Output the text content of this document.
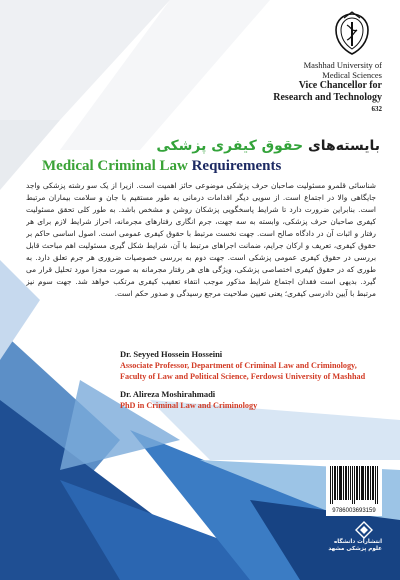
Mashhad University of
Medical Sciences
Vice Chancellor for
Research and Technology
632
بایسته‌های حقوق کیفری پزشکی
Medical Criminal Law Requirements
شناسائی قلمرو مسئولیت صاحبان حرف پزشکی موضوعی حائز اهمیت است. ازیرا از یک سو رشته پزشکی واجد جایگاهی والا در اجتماع است. از سویی دیگر اقدامات درمانی به طور مستقیم با جان و سلامت بیماران مرتبط است. بنابراین ضرورت دارد تا شرایط پاسخگویی پزشکان روشن و مشخص باشد. به طور کلی تحقق مسئولیت کیفری صاحبان حرف پزشکی، وابسته به سه جهت، جرم انگاری رفتارهای مجرمانه، احراز شرایط لازم برای هر رفتار و اثبات آن در دادگاه صالح است. جهت نخست مرتبط با حقوق کیفری عمومی است. اصول اساسی حاکم بر حقوق کیفری، تعریف و ارکان جرایم، ضمانت اجراهای مرتبط با آن، شرایط شکل گیری مسئولیت اهم مباحث قابل بررسی در حقوق کیفری عمومی پزشکی است. جهت دوم به بررسی خصوصیات ضروری هر جرم تعلق دارد. به طوری که در حقوق کیفری اختصاصی پزشکی، ویژگی های هر رفتار مجرمانه به صورت مجزا مورد تحلیل قرار می گیرد. بدیهی است فقدان اجتماع شرایط مذکور موجب انتفاء تعقیب کیفری مرتکب خواهد شد. جهت سوم نیز مرتبط با آیین دادرسی کیفری؛ یعنی تعیین صلاحیت مرجع رسیدگی و صدور حکم است.
Dr. Seyyed Hossein Hosseini
Associate Professor, Department of Criminal Law and Criminology,
Faculty of Law and Political Science, Ferdowsi University of Mashhad
Dr. Alireza Moshirahmadi
PhD in Criminal Law and Criminology
9786003693159
انتشارات دانشگاه
علوم پزشکی مشهد
